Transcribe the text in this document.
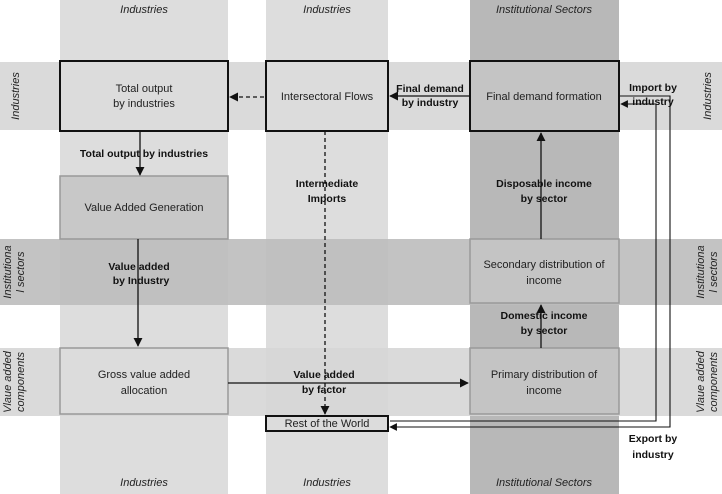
Industries	Industries	Institutional Sectors
Industries	Industries	Institutional Sectors
Industries	Industries
Institutiona l sectors	Institutiona l sectors
Vlaue added components	Vlaue added components
Total output
by industries
Intersectoral Flows	Final demand formation
Value Added Generation
Secondary distribution of
income
Gross value added
allocation
Primary distribution of
income
Rest of the World
Final demand
by industry
Import by
industry
Total output by industries
Intermediate
Imports
Disposable income
by sector
Value added
by Industry
Domestic income
by sector
Value added
by factor
Export by
industry
